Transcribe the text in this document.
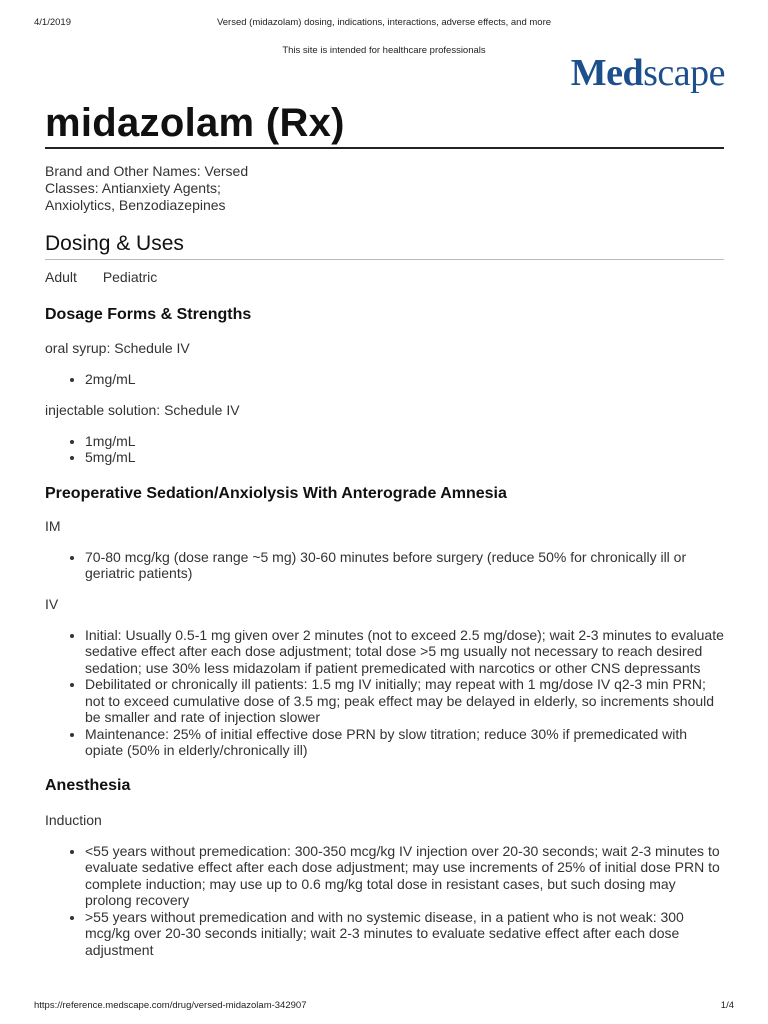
4/1/2019	Versed (midazolam) dosing, indications, interactions, adverse effects, and more
This site is intended for healthcare professionals
Medscape
midazolam (Rx)
Brand and Other Names: Versed
Classes: Antianxiety Agents;
Anxiolytics, Benzodiazepines
Dosing & Uses
Adult Pediatric
Dosage Forms & Strengths

oral syrup: Schedule IV

• 2mg/mL

injectable solution: Schedule IV

• 1mg/mL
• 5mg/mL
Preoperative Sedation/Anxiolysis With Anterograde Amnesia

IM

• 70-80 mcg/kg (dose range ~5 mg) 30-60 minutes before surgery (reduce 50% for chronically ill or geriatric patients)

IV

• Initial: Usually 0.5-1 mg given over 2 minutes (not to exceed 2.5 mg/dose); wait 2-3 minutes to evaluate sedative effect after each dose adjustment; total dose >5 mg usually not necessary to reach desired sedation; use 30% less midazolam if patient premedicated with narcotics or other CNS depressants
• Debilitated or chronically ill patients: 1.5 mg IV initially; may repeat with 1 mg/dose IV q2-3 min PRN; not to exceed cumulative dose of 3.5 mg; peak effect may be delayed in elderly, so increments should be smaller and rate of injection slower
• Maintenance: 25% of initial effective dose PRN by slow titration; reduce 30% if premedicated with opiate (50% in elderly/chronically ill)
Anesthesia

Induction

• <55 years without premedication: 300-350 mcg/kg IV injection over 20-30 seconds; wait 2-3 minutes to evaluate sedative effect after each dose adjustment; may use increments of 25% of initial dose PRN to complete induction; may use up to 0.6 mg/kg total dose in resistant cases, but such dosing may prolong recovery
• >55 years without premedication and with no systemic disease, in a patient who is not weak: 300 mcg/kg over 20-30 seconds initially; wait 2-3 minutes to evaluate sedative effect after each dose adjustment
https://reference.medscape.com/drug/versed-midazolam-342907	1/4
